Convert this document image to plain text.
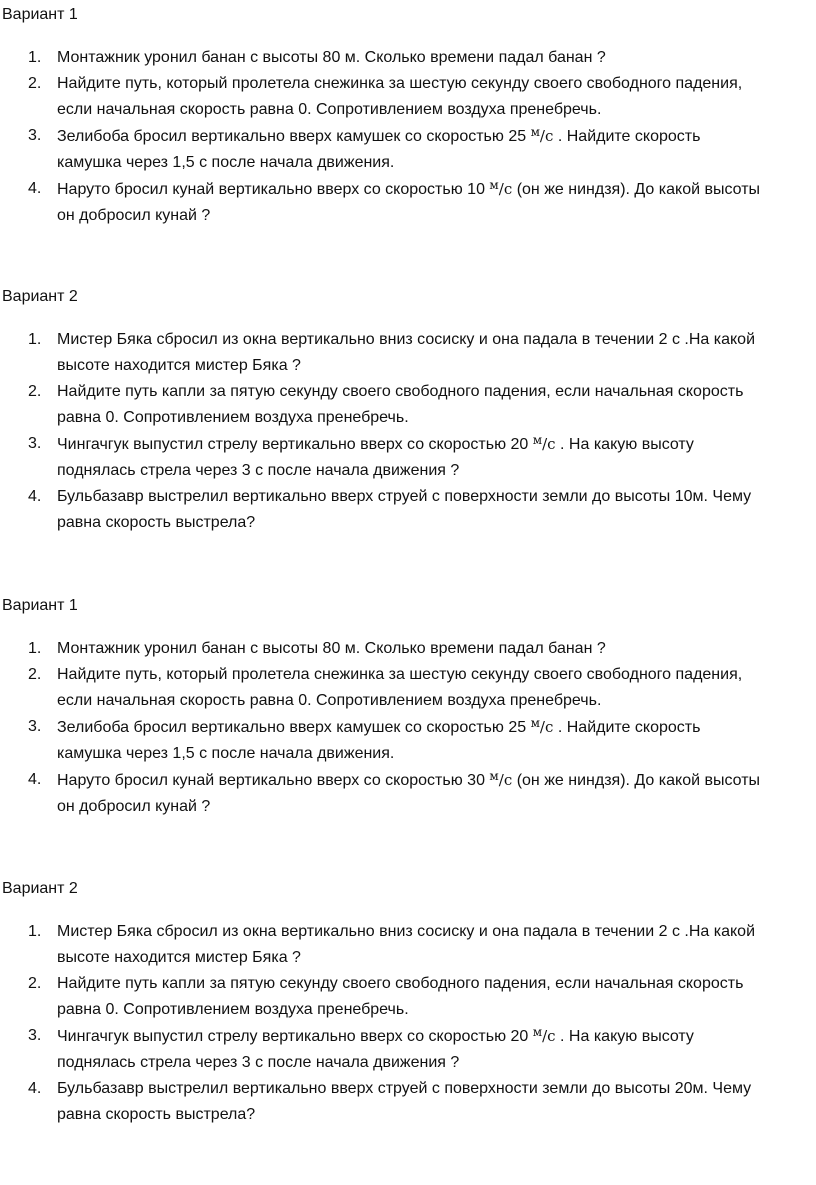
Вариант 1
1. Монтажник уронил банан с высоты 80 м. Сколько времени падал банан ?
2. Найдите путь, который пролетела снежинка за шестую секунду своего свободного падения,
если начальная скорость равна 0. Сопротивлением воздуха пренебречь.
3. Зелибоба бросил вертикально вверх камушек со скоростью 25 $^м$/с . Найдите скорость
камушка через 1,5 с после начала движения.
4. Наруто бросил кунай вертикально вверх со скоростью 10 $^м$/с (он же ниндзя). До какой высоты
он добросил кунай ?
Вариант 2
1. Мистер Бяка сбросил из окна вертикально вниз сосиску и она падала в течении 2 с .На какой
высоте находится мистер Бяка ?
2. Найдите путь капли за пятую секунду своего свободного падения, если начальная скорость
равна 0. Сопротивлением воздуха пренебречь.
3. Чингачгук выпустил стрелу вертикально вверх со скоростью 20 $^м$/с . На какую высоту
поднялась стрела через 3 с после начала движения ?
4. Бульбазавр выстрелил вертикально вверх струей с поверхности земли до высоты 10м. Чему
равна скорость выстрела?
Вариант 1
1. Монтажник уронил банан с высоты 80 м. Сколько времени падал банан ?
2. Найдите путь, который пролетела снежинка за шестую секунду своего свободного падения,
если начальная скорость равна 0. Сопротивлением воздуха пренебречь.
3. Зелибоба бросил вертикально вверх камушек со скоростью 25 $^м$/с . Найдите скорость
камушка через 1,5 с после начала движения.
4. Наруто бросил кунай вертикально вверх со скоростью 30 $^м$/с (он же ниндзя). До какой высоты
он добросил кунай ?
Вариант 2
1. Мистер Бяка сбросил из окна вертикально вниз сосиску и она падала в течении 2 с .На какой
высоте находится мистер Бяка ?
2. Найдите путь капли за пятую секунду своего свободного падения, если начальная скорость
равна 0. Сопротивлением воздуха пренебречь.
3. Чингачгук выпустил стрелу вертикально вверх со скоростью 20 $^м$/с . На какую высоту
поднялась стрела через 3 с после начала движения ?
4. Бульбазавр выстрелил вертикально вверх струей с поверхности земли до высоты 20м. Чему
равна скорость выстрела?
